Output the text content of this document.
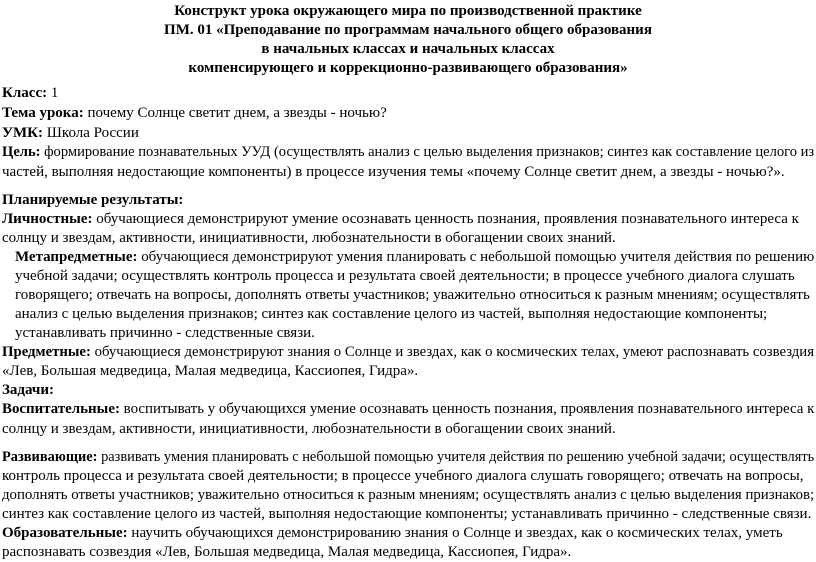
Конструкт урока окружающего мира по производственной практике
ПМ. 01 «Преподавание по программам начального общего образования
в начальных классах и начальных классах
компенсирующего и коррекционно-развивающего образования»
Класс: 1
Тема урока: почему Солнце светит днем, а звезды - ночью?
УМК: Школа России
Цель: формирование познавательных УУД (осуществлять анализ с целью выделения признаков; синтез как составление целого из
частей, выполняя недостающие компоненты) в процессе изучения темы «почему Солнце светит днем, а звезды - ночью?».
Планируемые результаты:
Личностные: обучающиеся демонстрируют умение осознавать ценность познания, проявления познавательного интереса к
солнцу и звездам, активности, инициативности, любознательности в обогащении своих знаний.
Метапредметные: обучающиеся демонстрируют умения планировать с небольшой помощью учителя действия по решению
учебной задачи; осуществлять контроль процесса и результата своей деятельности; в процессе учебного диалога слушать
говорящего; отвечать на вопросы, дополнять ответы участников; уважительно относиться к разным мнениям; осуществлять
анализ с целью выделения признаков; синтез как составление целого из частей, выполняя недостающие компоненты;
устанавливать причинно - следственные связи.
Предметные: обучающиеся демонстрируют знания о Солнце и звездах, как о космических телах, умеют распознавать созвездия
«Лев, Большая медведица, Малая медведица, Кассиопея, Гидра».
Задачи:
Воспитательные: воспитывать у обучающихся умение осознавать ценность познания, проявления познавательного интереса к
солнцу и звездам, активности, инициативности, любознательности в обогащении своих знаний.
Развивающие: развивать умения планировать с небольшой помощью учителя действия по решению учебной задачи; осуществлять
контроль процесса и результата своей деятельности; в процессе учебного диалога слушать говорящего; отвечать на вопросы,
дополнять ответы участников; уважительно относиться к разным мнениям; осуществлять анализ с целью выделения признаков;
синтез как составление целого из частей, выполняя недостающие компоненты; устанавливать причинно - следственные связи.
Образовательные: научить обучающихся демонстрированию знания о Солнце и звездах, как о космических телах, уметь
распознавать созвездия «Лев, Большая медведица, Малая медведица, Кассиопея, Гидра».
